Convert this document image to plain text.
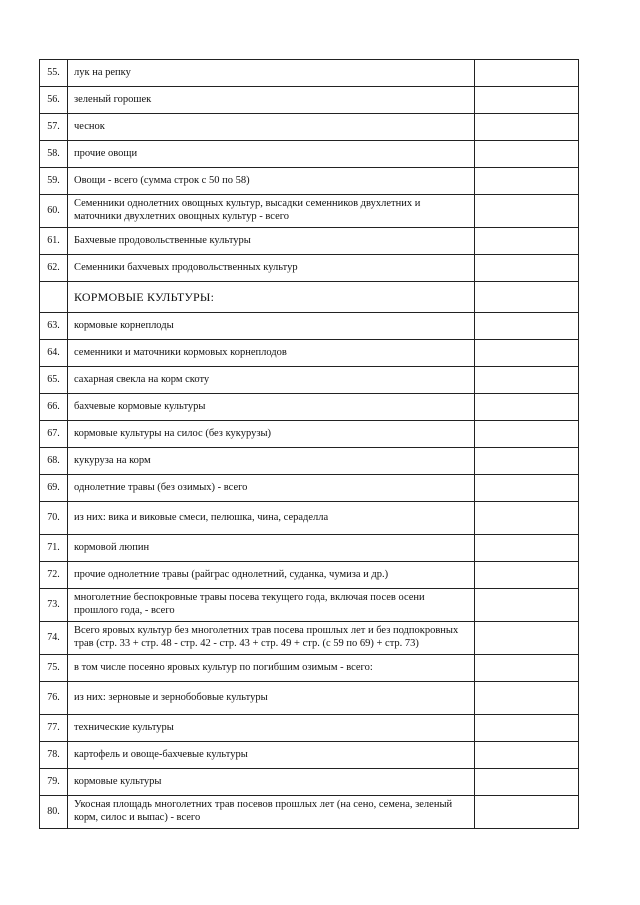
55.	лук на репку	
56.	зеленый горошек	
57.	чеснок	
58.	прочие овощи	
59.	Овощи - всего (сумма строк с 50 по 58)	
60.	Семенники однолетних овощных культур, высадки семенников двухлетних и маточники двухлетних овощных культур - всего	
61.	Бахчевые продовольственные культуры	
62.	Семенники бахчевых продовольственных культур	
	КОРМОВЫЕ КУЛЬТУРЫ:	
63.	кормовые корнеплоды	
64.	семенники и маточники кормовых корнеплодов	
65.	сахарная свекла на корм скоту	
66.	бахчевые кормовые культуры	
67.	кормовые культуры на силос (без кукурузы)	
68.	кукуруза на корм	
69.	однолетние травы (без озимых) - всего	
70.	из них: вика и виковые смеси, пелюшка, чина, сераделла	
71.	кормовой люпин	
72.	прочие однолетние травы (райграс однолетний, суданка, чумиза и др.)	
73.	многолетние беспокровные травы посева текущего года, включая посев осени прошлого года, - всего	
74.	Всего яровых культур без многолетних трав посева прошлых лет и без подпокровных трав (стр. 33 + стр. 48 - стр. 42 - стр. 43 + стр. 49 + стр. (с 59 по 69) + стр. 73)	
75.	в том числе посеяно яровых культур по погибшим озимым - всего:	
76.	из них: зерновые и зернобобовые культуры	
77.	технические культуры	
78.	картофель и овоще-бахчевые культуры	
79.	кормовые культуры	
80.	Укосная площадь многолетних трав посевов прошлых лет (на сено, семена, зеленый корм, силос и выпас) - всего	
